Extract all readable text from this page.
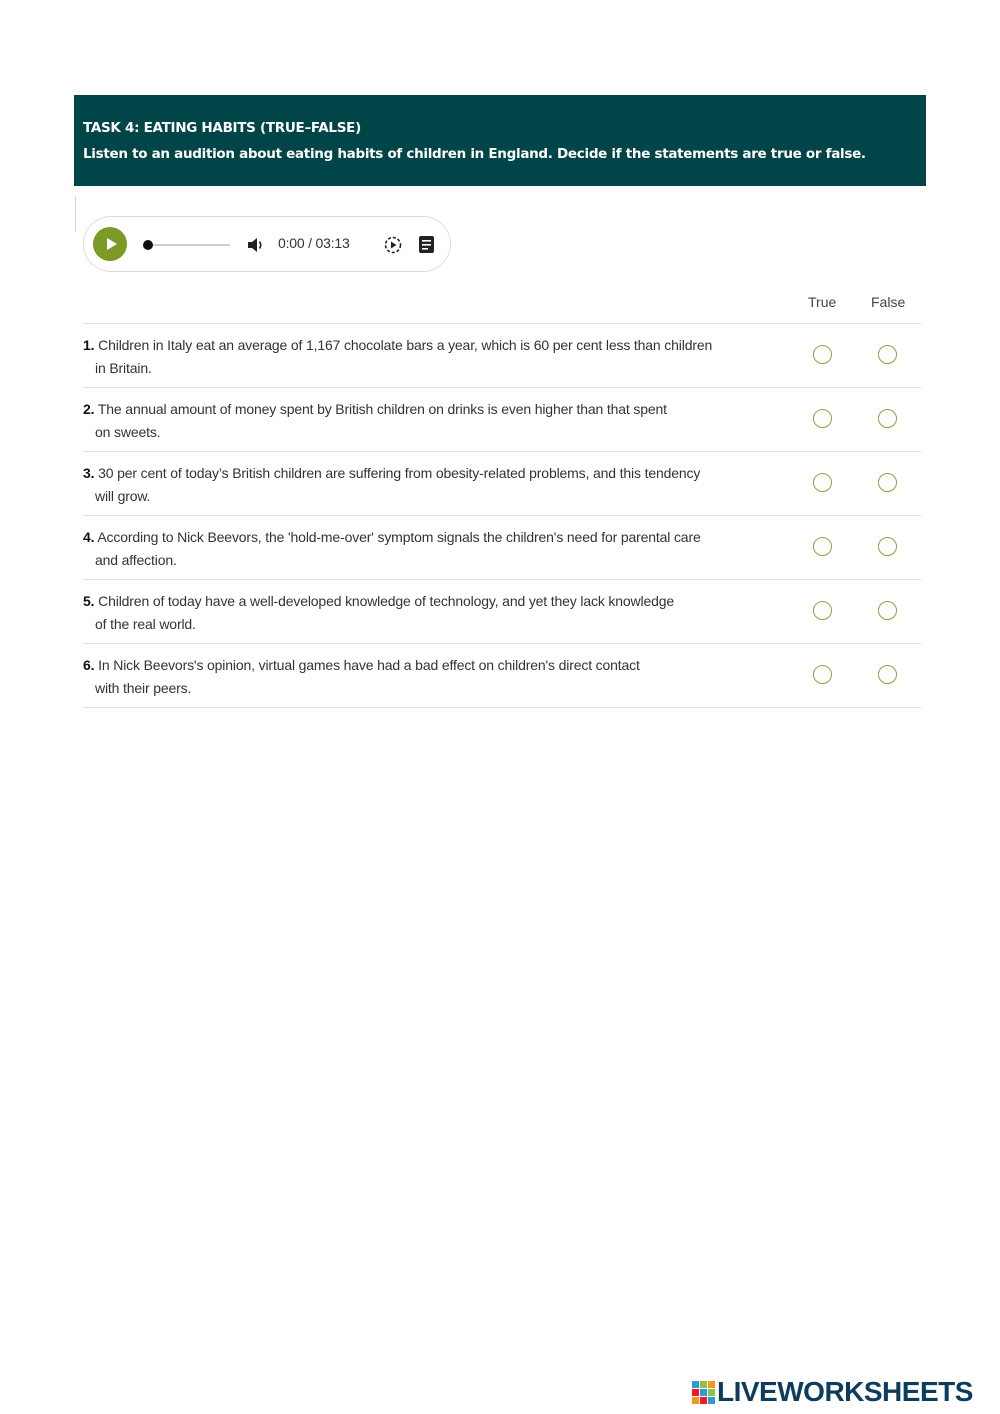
TASK 4: EATING HABITS (TRUE–FALSE)
Listen to an audition about eating habits of children in England. Decide if the statements are true or false.
0:00 / 03:13
True False
1. Children in Italy eat an average of 1,167 chocolate bars a year, which is 60 per cent less than children
in Britain.
2. The annual amount of money spent by British children on drinks is even higher than that spent
on sweets.
3. 30 per cent of today’s British children are suffering from obesity-related problems, and this tendency
will grow.
4. According to Nick Beevors, the 'hold-me-over' symptom signals the children's need for parental care
and affection.
5. Children of today have a well-developed knowledge of technology, and yet they lack knowledge
of the real world.
6. In Nick Beevors's opinion, virtual games have had a bad effect on children's direct contact
with their peers.
LIVEWORKSHEETS
